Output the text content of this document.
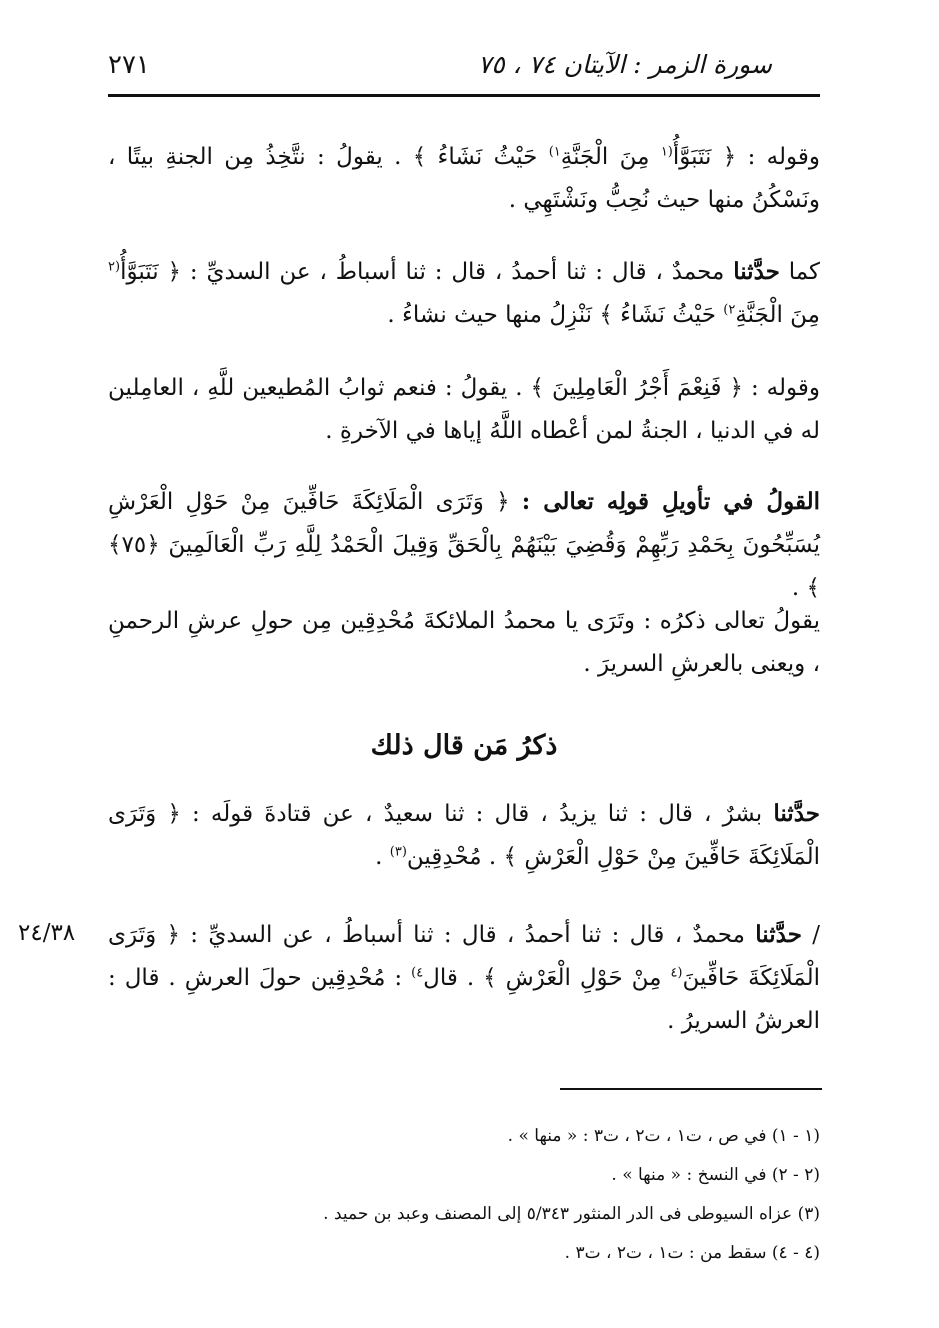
٢٧١	سورة الزمر : الآيتان ٧٤ ، ٧٥

وقوله : ﴿ نَتَبَوَّأُ$^{(١}$ مِنَ الْجَنَّةِ$^{١)}$ حَيْثُ نَشَاءُ ﴾ . يقولُ : نتَّخِذُ مِن الجنةِ بيتًا ، ونَسْكُنُ منها حيث نُحِبُّ ونَشْتَهِي .

كما حدَّثنا محمدٌ ، قال : ثنا أحمدُ ، قال : ثنا أسباطُ ، عن السديِّ : ﴿ نَتَبَوَّأُ$^{(٢}$ مِنَ الْجَنَّةِ$^{٢)}$ حَيْثُ نَشَاءُ ﴾ نَنْزِلُ منها حيث نشاءُ .

وقوله : ﴿ فَنِعْمَ أَجْرُ الْعَامِلِينَ ﴾ . يقولُ : فنعم ثوابُ المُطيعين للَّهِ ، العامِلين له في الدنيا ، الجنةُ لمن أعْطاه اللَّهُ إياها في الآخرةِ .

القولُ في تأويلِ قولِه تعالى : ﴿ وَتَرَى الْمَلَائِكَةَ حَافِّينَ مِنْ حَوْلِ الْعَرْشِ يُسَبِّحُونَ بِحَمْدِ رَبِّهِمْ وَقُضِيَ بَيْنَهُمْ بِالْحَقِّ وَقِيلَ الْحَمْدُ لِلَّهِ رَبِّ الْعَالَمِينَ ﴿٧٥﴾ ﴾ .

يقولُ تعالى ذكرُه : وتَرَى يا محمدُ الملائكةَ مُحْدِقِين مِن حولِ عرشِ الرحمنِ ، ويعنى بالعرشِ السريرَ .

ذكرُ مَن قال ذلك

حدَّثنا بشرٌ ، قال : ثنا يزيدُ ، قال : ثنا سعيدٌ ، عن قتادةَ قولَه : ﴿ وَتَرَى الْمَلَائِكَةَ حَافِّينَ مِنْ حَوْلِ الْعَرْشِ ﴾ . مُحْدِقِين$^{(٣)}$ .

/ حدَّثنا محمدٌ ، قال : ثنا أحمدُ ، قال : ثنا أسباطُ ، عن السديِّ : ﴿ وَتَرَى الْمَلَائِكَةَ حَافِّينَ$^{(٤}$ مِنْ حَوْلِ الْعَرْشِ ﴾ . قال$^{٤)}$ : مُحْدِقِين حولَ العرشِ . قال : العرشُ السريرُ .

٢٤/٣٨
(١ - ١) في ص ، ت١ ، ت٢ ، ت٣ : « منها » .
(٢ - ٢) في النسخ : « منها » .
(٣) عزاه السيوطى فى الدر المنثور ٥/٣٤٣ إلى المصنف وعبد بن حميد .
(٤ - ٤) سقط من : ت١ ، ت٢ ، ت٣ .
